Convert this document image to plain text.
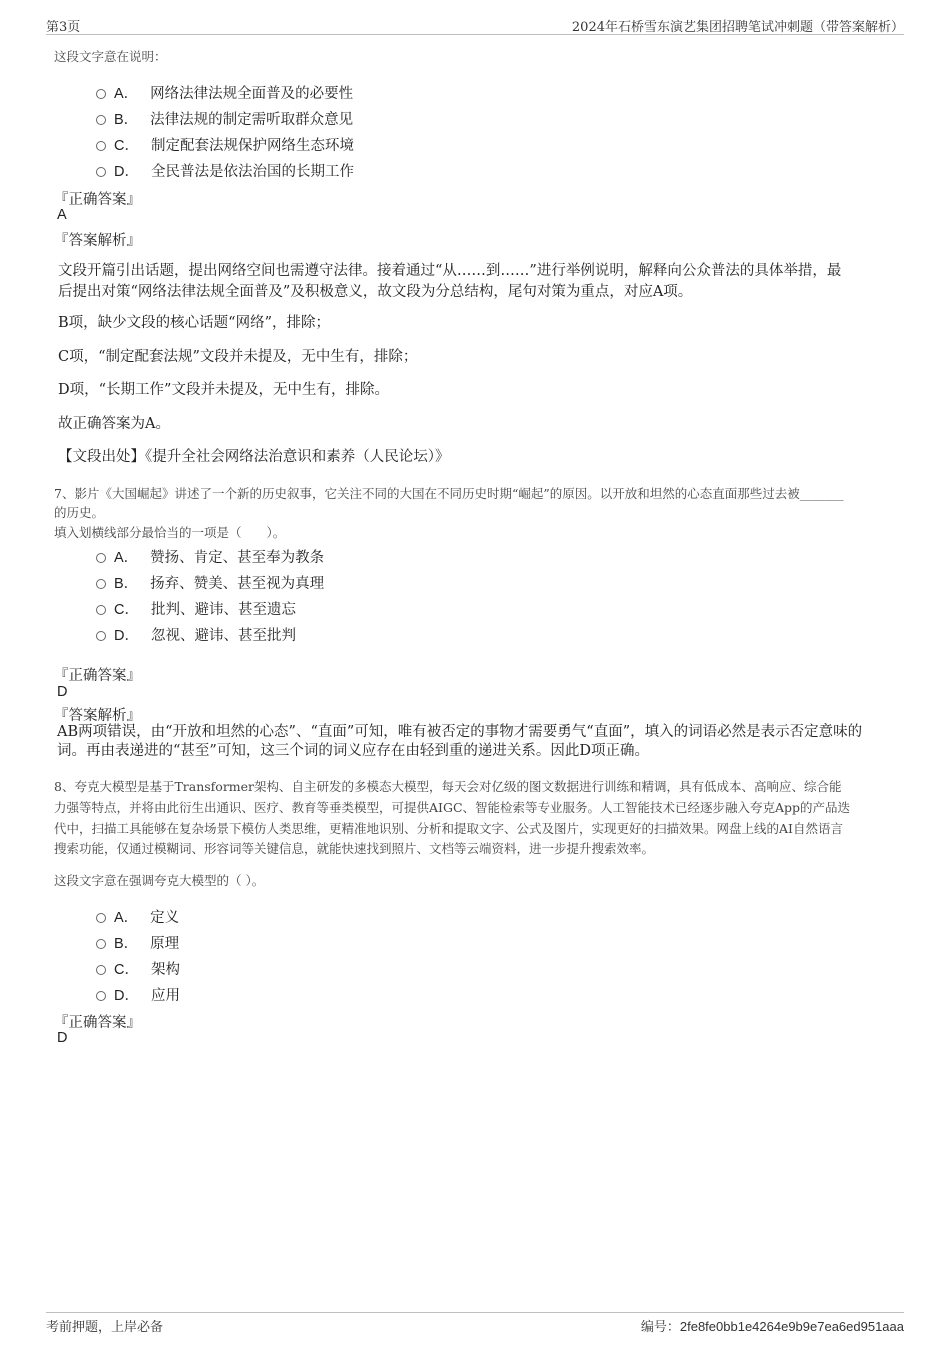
第3页	2024年石桥雪东演艺集团招聘笔试冲刺题（带答案解析）
这段文字意在说明：
A． 网络法律法规全面普及的必要性
B． 法律法规的制定需听取群众意见
C． 制定配套法规保护网络生态环境
D． 全民普法是依法治国的长期工作
『正确答案』
A
『答案解析』
文段开篇引出话题，提出网络空间也需遵守法律。接着通过“从……到……”进行举例说明，解释向公众普法的具体举措，最
后提出对策“网络法律法规全面普及”及积极意义，故文段为分总结构，尾句对策为重点，对应A项。
B项，缺少文段的核心话题“网络”，排除；
C项，“制定配套法规”文段并未提及，无中生有，排除；
D项，“长期工作”文段并未提及，无中生有，排除。
故正确答案为A。
【文段出处】《提升全社会网络法治意识和素养（人民论坛）》
7、影片《大国崛起》讲述了一个新的历史叙事，它关注不同的大国在不同历史时期“崛起”的原因。以开放和坦然的心态直面那些过去被_______
的历史。
填入划横线部分最恰当的一项是（　　）。
A． 赞扬、肯定、甚至奉为教条
B． 扬弃、赞美、甚至视为真理
C． 批判、避讳、甚至遗忘
D． 忽视、避讳、甚至批判
『正确答案』
D
『答案解析』
AB两项错误，由“开放和坦然的心态”、“直面”可知，唯有被否定的事物才需要勇气“直面”，填入的词语必然是表示否定意味的
词。再由表递进的“甚至”可知，这三个词的词义应存在由轻到重的递进关系。因此D项正确。
8、夸克大模型是基于Transformer架构、自主研发的多模态大模型，每天会对亿级的图文数据进行训练和精调，具有低成本、高响应、综合能
力强等特点，并将由此衍生出通识、医疗、教育等垂类模型，可提供AIGC、智能检索等专业服务。人工智能技术已经逐步融入夸克App的产品迭
代中，扫描工具能够在复杂场景下模仿人类思维，更精准地识别、分析和提取文字、公式及图片，实现更好的扫描效果。网盘上线的AI自然语言
搜索功能，仅通过模糊词、形容词等关键信息，就能快速找到照片、文档等云端资料，进一步提升搜索效率。
这段文字意在强调夸克大模型的（ ）。
A． 定义
B． 原理
C． 架构
D． 应用
『正确答案』
D
考前押题，上岸必备	编号：2fe8fe0bb1e4264e9b9e7ea6ed951aaa
